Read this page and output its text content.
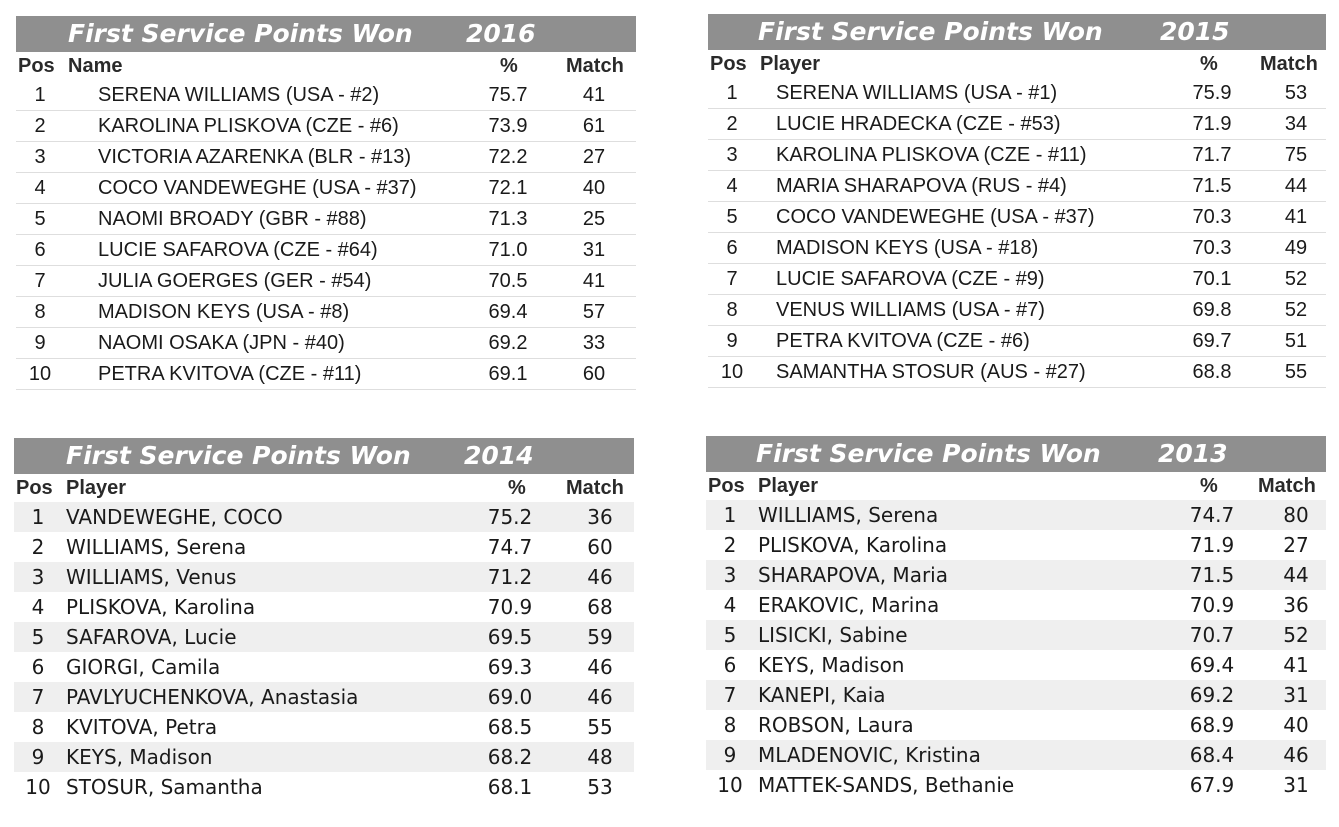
First Service Points Won 2016
Pos Name	% Match
1	SERENA WILLIAMS (USA - #2)	75.7	41
2	KAROLINA PLISKOVA (CZE - #6)	73.9	61
3	VICTORIA AZARENKA (BLR - #13)	72.2	27
4	COCO VANDEWEGHE (USA - #37)	72.1	40
5	NAOMI BROADY (GBR - #88)	71.3	25
6	LUCIE SAFAROVA (CZE - #64)	71.0	31
7	JULIA GOERGES (GER - #54)	70.5	41
8	MADISON KEYS (USA - #8)	69.4	57
9	NAOMI OSAKA (JPN - #40)	69.2	33
10	PETRA KVITOVA (CZE - #11)	69.1	60
First Service Points Won 2015
Pos Player	% Match
1	SERENA WILLIAMS (USA - #1)	75.9	53
2	LUCIE HRADECKA (CZE - #53)	71.9	34
3	KAROLINA PLISKOVA (CZE - #11)	71.7	75
4	MARIA SHARAPOVA (RUS - #4)	71.5	44
5	COCO VANDEWEGHE (USA - #37)	70.3	41
6	MADISON KEYS (USA - #18)	70.3	49
7	LUCIE SAFAROVA (CZE - #9)	70.1	52
8	VENUS WILLIAMS (USA - #7)	69.8	52
9	PETRA KVITOVA (CZE - #6)	69.7	51
10	SAMANTHA STOSUR (AUS - #27)	68.8	55
First Service Points Won 2014
Pos Player	% Match
1	VANDEWEGHE, COCO	75.2	36
2	WILLIAMS, Serena	74.7	60
3	WILLIAMS, Venus	71.2	46
4	PLISKOVA, Karolina	70.9	68
5	SAFAROVA, Lucie	69.5	59
6	GIORGI, Camila	69.3	46
7	PAVLYUCHENKOVA, Anastasia	69.0	46
8	KVITOVA, Petra	68.5	55
9	KEYS, Madison	68.2	48
10 STOSUR, Samantha	68.1	53
First Service Points Won 2013
Pos Player	% Match
1	WILLIAMS, Serena	74.7	80
2	PLISKOVA, Karolina	71.9	27
3	SHARAPOVA, Maria	71.5	44
4	ERAKOVIC, Marina	70.9	36
5	LISICKI, Sabine	70.7	52
6	KEYS, Madison	69.4	41
7	KANEPI, Kaia	69.2	31
8	ROBSON, Laura	68.9	40
9	MLADENOVIC, Kristina	68.4	46
10 MATTEK-SANDS, Bethanie	67.9	31
